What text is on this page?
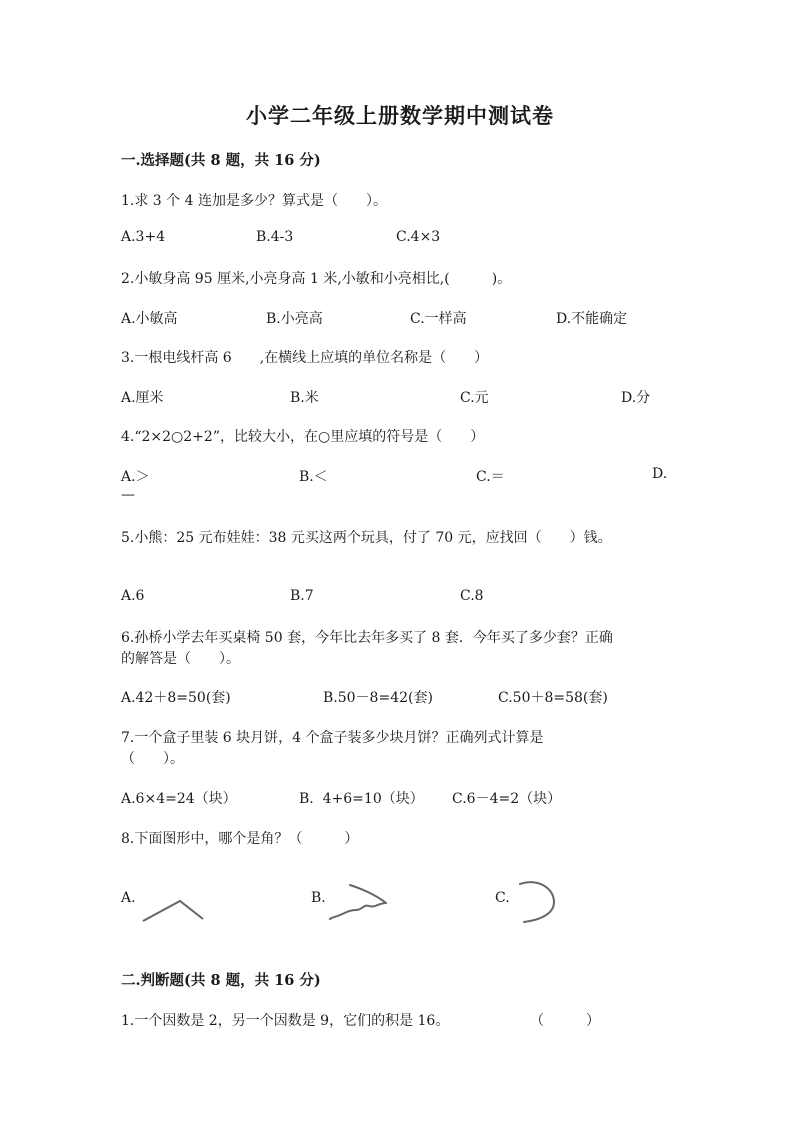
小学二年级上册数学期中测试卷
一.选择题(共 8 题，共 16 分)
1.求 3 个 4 连加是多少？算式是（　　）。
A.3+4	B.4-3	C.4×3
2.小敏身高 95 厘米,小亮身高 1 米,小敏和小亮相比,(　　　)。
A.小敏高	B.小亮高	C.一样高	D.不能确定
3.一根电线杆高 6　　,在横线上应填的单位名称是（　　）
A.厘米	B.米	C.元	D.分
4.“2×2○2+2”，比较大小，在○里应填的符号是（　　）
A.＞	B.＜	C.＝	D.
—
5.小熊：25 元布娃娃：38 元买这两个玩具，付了 70 元，应找回（　　）钱。
A.6	B.7	C.8
6.孙桥小学去年买桌椅 50 套，今年比去年多买了 8 套．今年买了多少套？正确
的解答是（　　）。
A.42＋8=50(套)	B.50－8=42(套)	C.50＋8=58(套)
7.一个盒子里装 6 块月饼，4 个盒子装多少块月饼？正确列式计算是
（　　）。
A.6×4=24（块）	B.  4+6=10（块） C.6－4=2（块）
8.下面图形中，哪个是角？（　　　）
A.	B.	C.
二.判断题(共 8 题，共 16 分)
1.一个因数是 2，另一个因数是 9，它们的积是 16。	（　　　）
